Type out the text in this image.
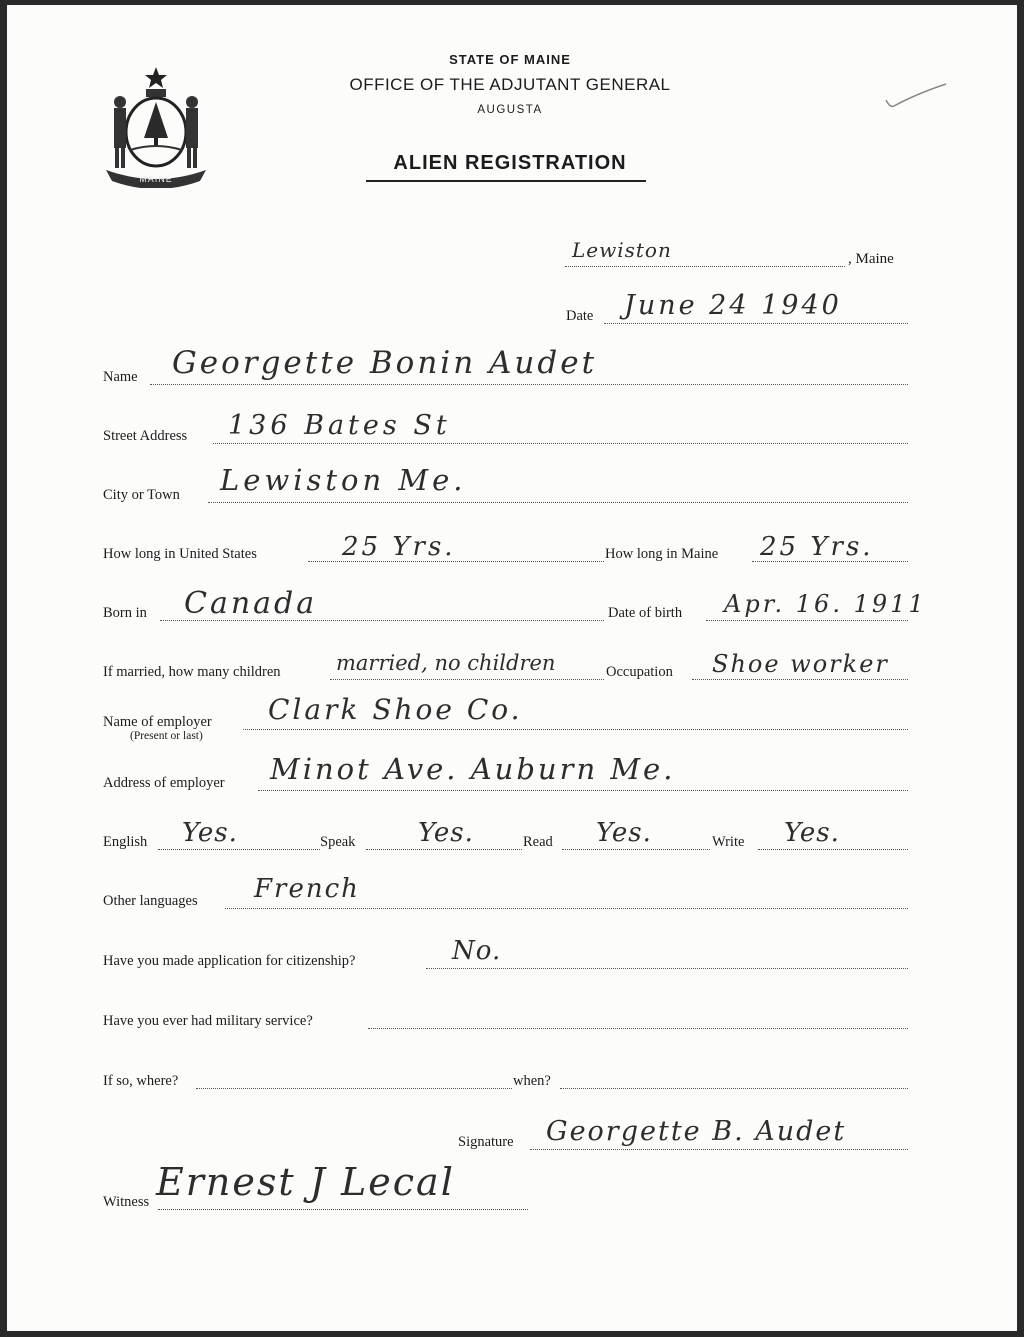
MAINE
STATE OF MAINE
OFFICE OF THE ADJUTANT GENERAL
AUGUSTA
ALIEN REGISTRATION
Lewiston	, Maine
Date June 24 1940
Name Georgette Bonin Audet
Street Address 136 Bates St
City or Town Lewiston Me.
How long in United States	25 Yrs.	How long in Maine 25 Yrs.
Born in Canada	Date of birth Apr. 16. 1911
If married, how many children	married, no children	Occupation Shoe worker
Name of employer
(Present or last)
Clark Shoe Co.
Address of employer Minot Ave. Auburn Me.
English Yes.	Speak Yes.	Read Yes.	Write Yes.
Other languages French
Have you made application for citizenship?	No.
Have you ever had military service?
If so, where?	when?
Signature Georgette B. Audet
Witness Ernest J Lecal
